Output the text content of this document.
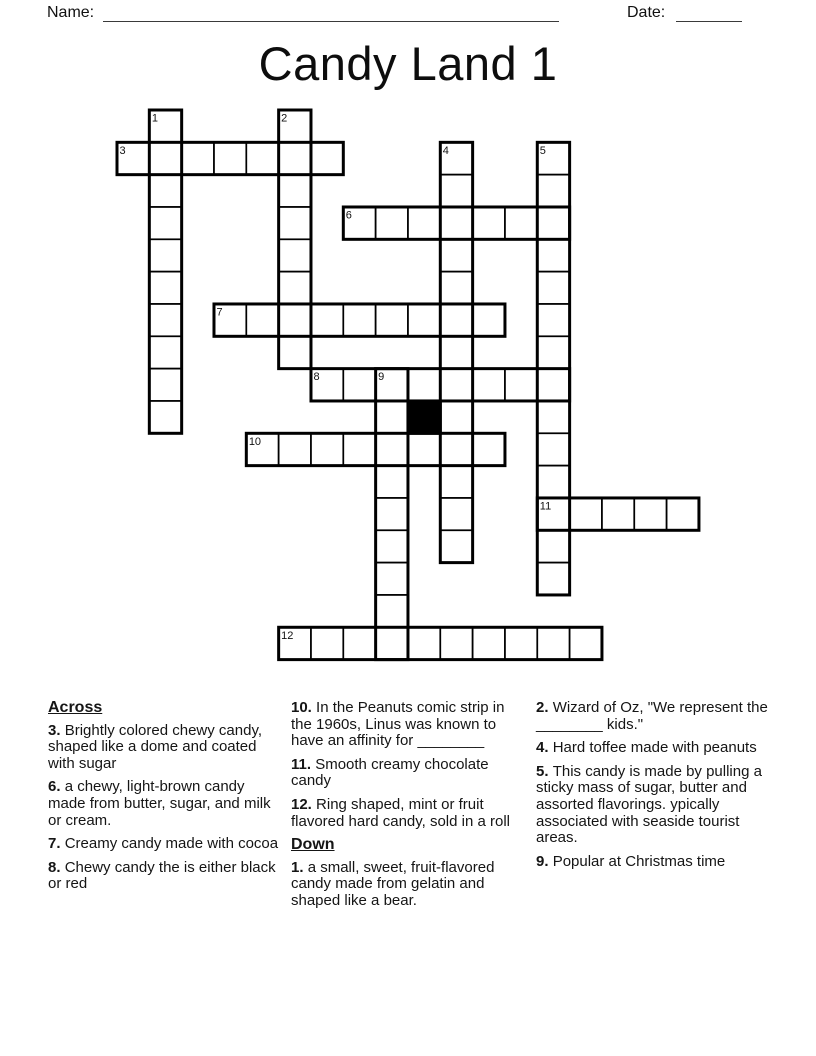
Name:	Date:
Candy Land 1
1	2
3	4	5
6
7
8	9
10
11
12
Across
3. Brightly colored chewy candy, shaped like a dome and coated with sugar
6. a chewy, light-brown candy made from butter, sugar, and milk or cream.
7. Creamy candy made with cocoa
8. Chewy candy the is either black or red
10. In the Peanuts comic strip in the 1960s, Linus was known to have an affinity for ________
11. Smooth creamy chocolate candy
12. Ring shaped, mint or fruit flavored hard candy, sold in a roll
Down
1. a small, sweet, fruit-flavored candy made from gelatin and shaped like a bear.
2. Wizard of Oz, "We represent the ________ kids."
4. Hard toffee made with peanuts
5. This candy is made by pulling a sticky mass of sugar, butter and assorted flavorings. ypically associated with seaside tourist areas.
9. Popular at Christmas time
